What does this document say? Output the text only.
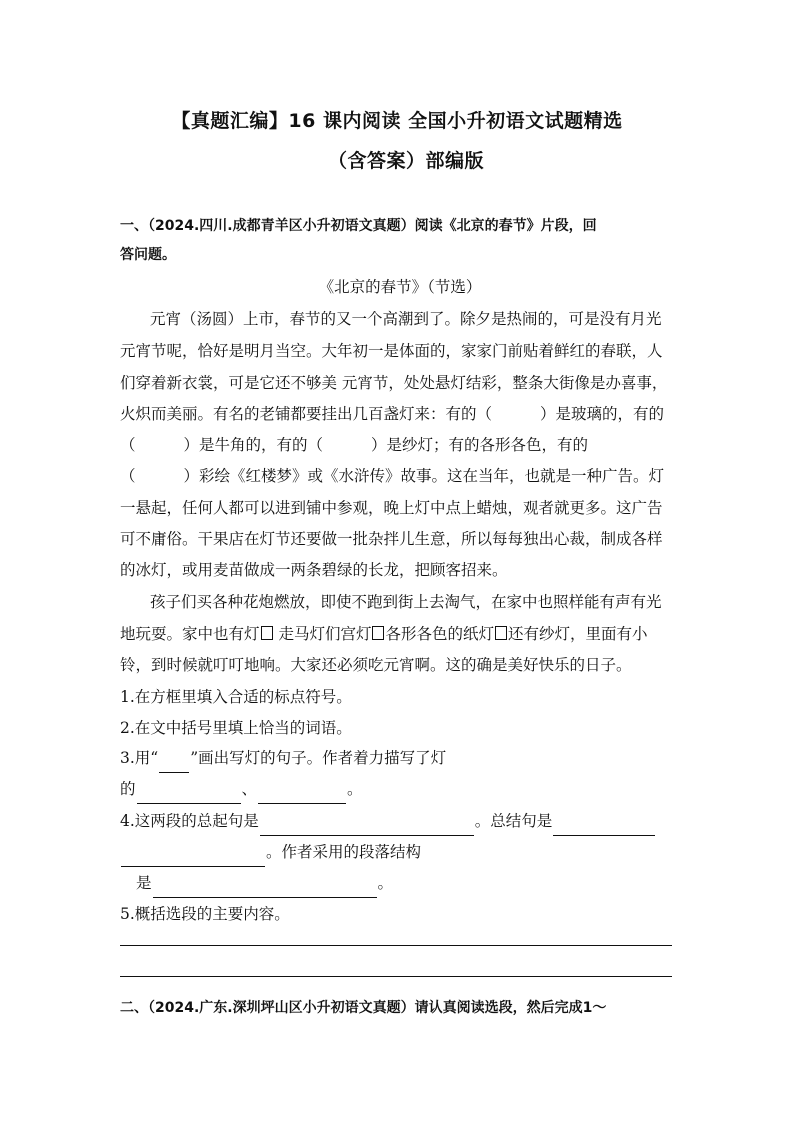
【真题汇编】16 课内阅读 全国小升初语文试题精选
（含答案）部编版
一、（2024.四川.成都青羊区小升初语文真题）阅读《北京的春节》片段，回
答问题。
《北京的春节》（节选）
元宵（汤圆）上市，春节的又一个高潮到了。除夕是热闹的，可是没有月光
元宵节呢，恰好是明月当空。大年初一是体面的，家家门前贴着鲜红的春联，人
们穿着新衣裳，可是它还不够美 元宵节，处处悬灯结彩，整条大街像是办喜事，
火炽而美丽。有名的老铺都要挂出几百盏灯来：有的（	）是玻璃的，有的
（	）是牛角的，有的（	）是纱灯；有的各形各色，有的
（	）彩绘《红楼梦》或《水浒传》故事。这在当年，也就是一种广告。灯
一悬起，任何人都可以进到铺中参观，晚上灯中点上蜡烛，观者就更多。这广告
可不庸俗。干果店在灯节还要做一批杂拌儿生意，所以每每独出心裁，制成各样
的冰灯，或用麦苗做成一两条碧绿的长龙，把顾客招来。
孩子们买各种花炮燃放，即使不跑到街上去淘气，在家中也照样能有声有光
地玩耍。家中也有灯 走马灯们宫灯 各形各色的纸灯 还有纱灯，里面有小
铃，到时候就叮叮地响。大家还必须吃元宵啊。这的确是美好快乐的日子。
1.在方框里填入合适的标点符号。
2.在文中括号里填上恰当的词语。
3.用“ ”画出写灯的句子。作者着力描写了灯
的	、	。
4.这两段的总起句是	。总结句是
。作者采用的段落结构
是	。
5.概括选段的主要内容。
二、（2024.广东.深圳坪山区小升初语文真题）请认真阅读选段，然后完成1～
